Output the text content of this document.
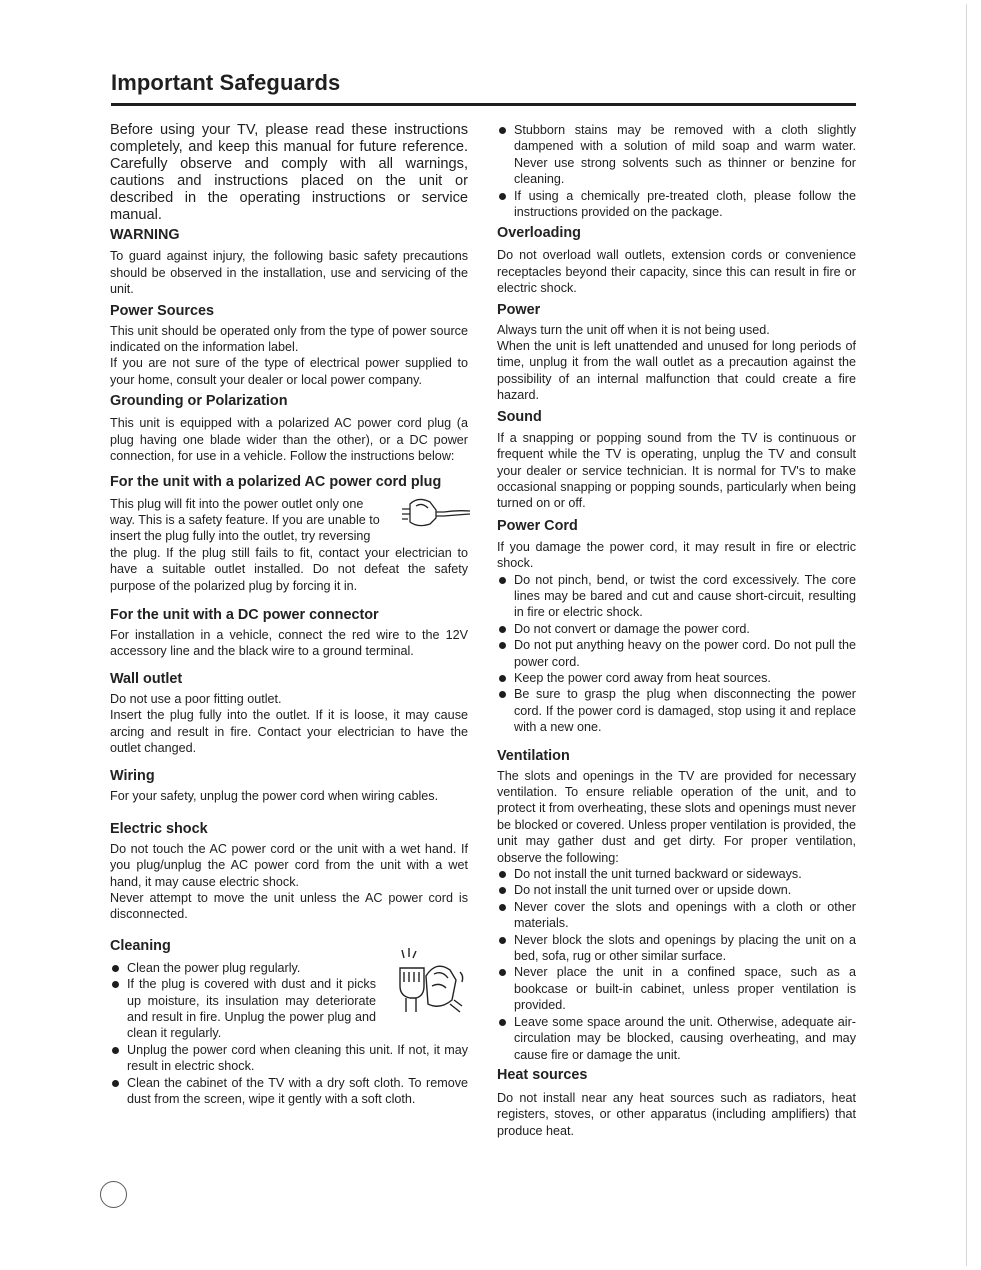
Important Safeguards

Before using your TV, please read these instructions completely, and keep this manual for future reference. Carefully observe and comply with all warnings, cautions and instructions placed on the unit or described in the operating instructions or service manual.

WARNING

To guard against injury, the following basic safety precautions should be observed in the installation, use and servicing of the unit.

Power Sources

This unit should be operated only from the type of power source indicated on the information label.

If you are not sure of the type of electrical power supplied to your home, consult your dealer or local power company.

Grounding or Polarization

This unit is equipped with a polarized AC power cord plug (a plug having one blade wider than the other), or a DC power connection, for use in a vehicle. Follow the instructions below:

For the unit with a polarized AC power cord plug
This plug will fit into the power outlet only one
way. This is a safety feature. If you are unable to
insert the plug fully into the outlet, try reversing

the plug. If the plug still fails to fit, contact your electrician to have a suitable outlet installed. Do not defeat the safety purpose of the polarized plug by forcing it in.

For the unit with a DC power connector

For installation in a vehicle, connect the red wire to the 12V accessory line and the black wire to a ground terminal.

Wall outlet

Do not use a poor fitting outlet.

Insert the plug fully into the outlet. If it is loose, it may cause arcing and result in fire. Contact your electrician to have the outlet changed.

Wiring

For your safety, unplug the power cord when wiring cables.

Electric shock

Do not touch the AC power cord or the unit with a wet hand. If you plug/unplug the AC power cord from the unit with a wet hand, it may cause electric shock.

Never attempt to move the unit unless the AC power cord is disconnected.

Cleaning
Clean the power plug regularly.
If the plug is covered with dust and it picks up moisture, its insulation may deteriorate and result in fire. Unplug the power plug and clean it regularly.
Unplug the power cord when cleaning this unit. If not, it may result in electric shock.
Clean the cabinet of the TV with a dry soft cloth. To remove dust from the screen, wipe it gently with a soft cloth.
Stubborn stains may be removed with a cloth slightly dampened with a solution of mild soap and warm water. Never use strong solvents such as thinner or benzine for cleaning.
If using a chemically pre-treated cloth, please follow the instructions provided on the package.
Overloading

Do not overload wall outlets, extension cords or convenience receptacles beyond their capacity, since this can result in fire or electric shock.

Power

Always turn the unit off when it is not being used.

When the unit is left unattended and unused for long periods of time, unplug it from the wall outlet as a precaution against the possibility of an internal malfunction that could create a fire hazard.

Sound

If a snapping or popping sound from the TV is continuous or frequent while the TV is operating, unplug the TV and consult your dealer or service technician. It is normal for TV's to make occasional snapping or popping sounds, particularly when being turned on or off.

Power Cord

If you damage the power cord, it may result in fire or electric shock.

Do not pinch, bend, or twist the cord excessively. The core lines may be bared and cut and cause short-circuit, resulting in fire or electric shock.
Do not convert or damage the power cord.
Do not put anything heavy on the power cord. Do not pull the power cord.
Keep the power cord away from heat sources.
Be sure to grasp the plug when disconnecting the power cord. If the power cord is damaged, stop using it and replace with a new one.
Ventilation

The slots and openings in the TV are provided for necessary ventilation. To ensure reliable operation of the unit, and to protect it from overheating, these slots and openings must never be blocked or covered. Unless proper ventilation is provided, the unit may gather dust and get dirty. For proper ventilation, observe the following:

Do not install the unit turned backward or sideways.
Do not install the unit turned over or upside down.
Never cover the slots and openings with a cloth or other materials.
Never block the slots and openings by placing the unit on a bed, sofa, rug or other similar surface.
Never place the unit in a confined space, such as a bookcase or built-in cabinet, unless proper ventilation is provided.
Leave some space around the unit. Otherwise, adequate air-circulation may be blocked, causing overheating, and may cause fire or damage the unit.
Heat sources

Do not install near any heat sources such as radiators, heat registers, stoves, or other apparatus (including amplifiers) that produce heat.
